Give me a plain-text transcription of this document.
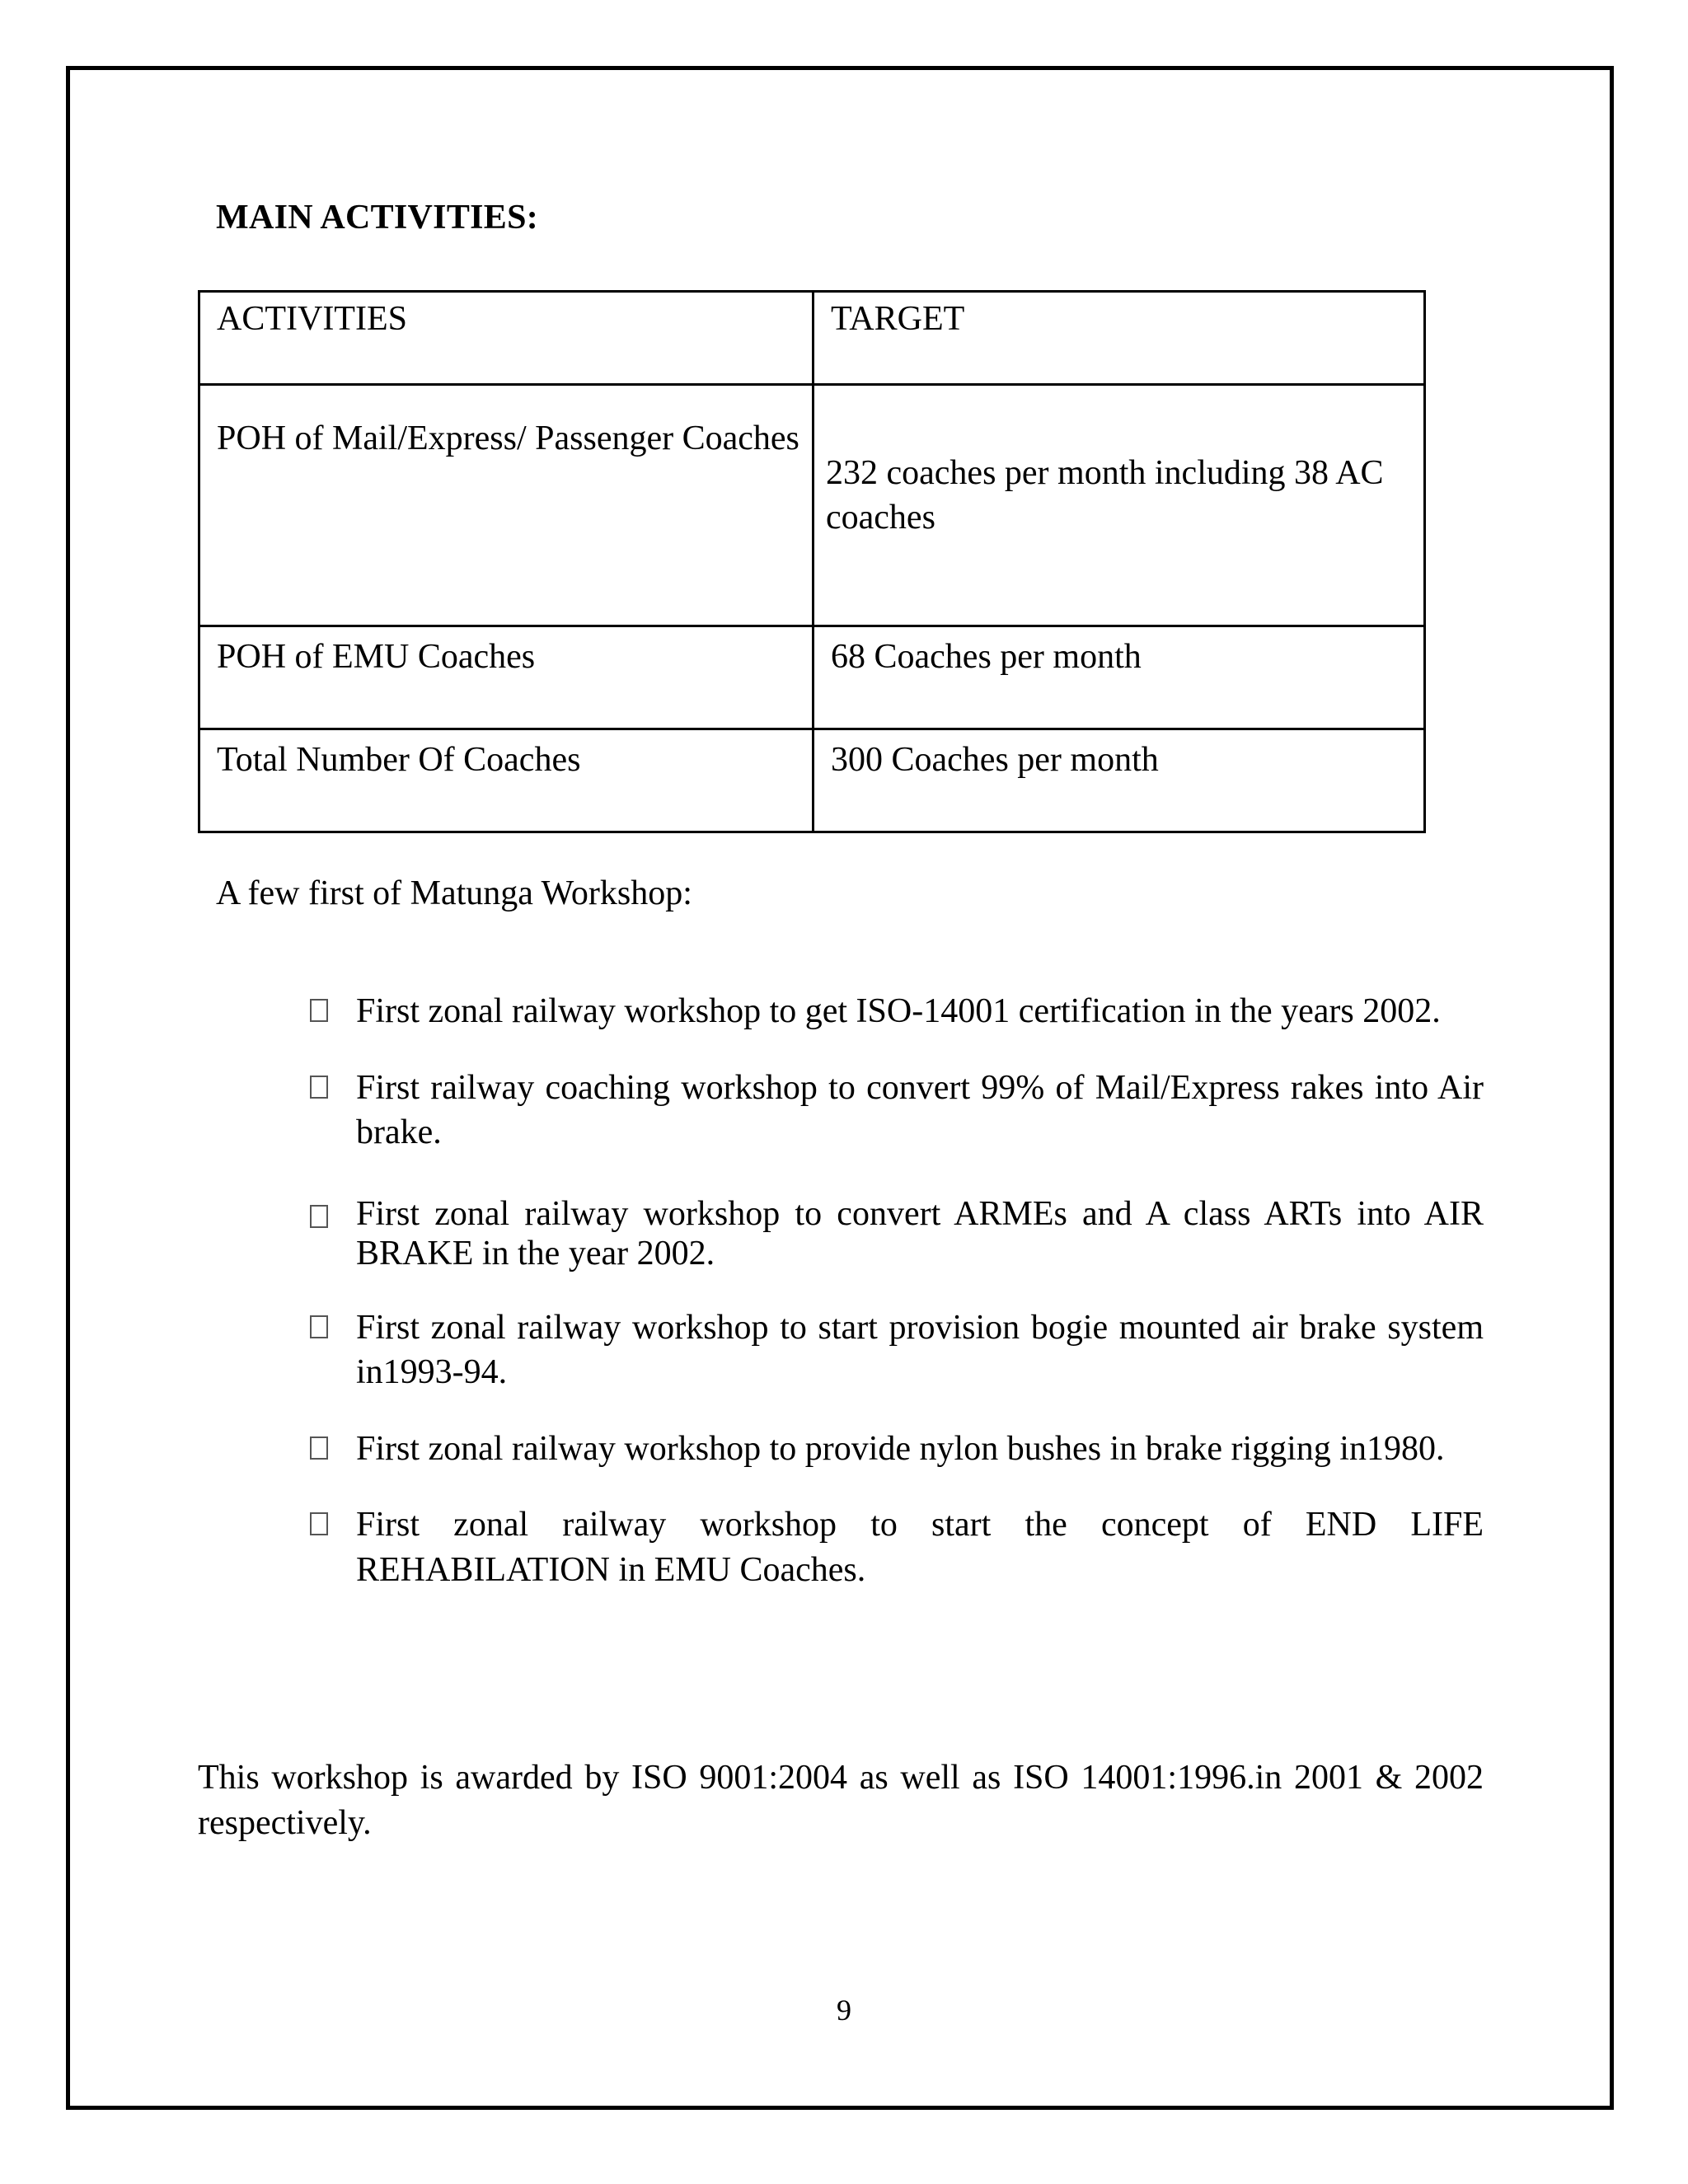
MAIN ACTIVITIES:
ACTIVITIES	TARGET

POH of Mail/Express/ Passenger Coaches	232 coaches per month including 38 AC
coaches

POH of EMU Coaches	68 Coaches per month

Total Number Of Coaches	300 Coaches per month
A few first of Matunga Workshop:
First zonal railway workshop to get ISO-14001 certification in the years 2002.
First railway coaching workshop to convert 99% of Mail/Express rakes into Air brake.
First zonal railway workshop to convert ARMEs and A class ARTs into AIR BRAKE in the year 2002.
First zonal railway workshop to start provision bogie mounted air brake system in1993-94.
First zonal railway workshop to provide nylon bushes in brake rigging in1980.
First zonal railway workshop to start the concept of END LIFE REHABILATION in EMU Coaches.
This workshop is awarded by ISO 9001:2004 as well as ISO 14001:1996.in 2001 & 2002 respectively.
9
